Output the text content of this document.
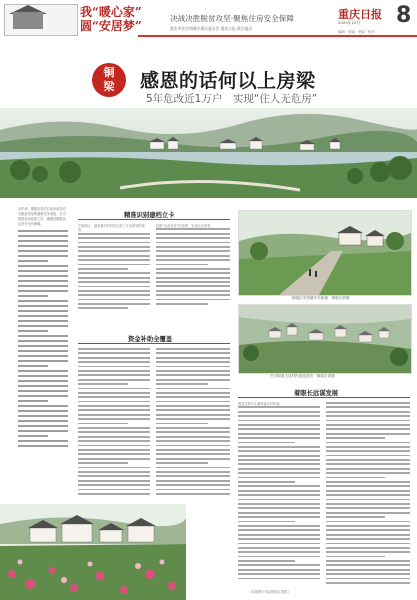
我“暖心家”
圆“安居梦”
决战决胜脱贫攻坚·聚焦住房安全保障
重庆市住房和城乡建设委员会 重庆日报 联合推出
重庆日报
2020年10月 8
编辑 · 责编 · 美编 · 校对
铜
梁	感恩的话何以上房梁
5年危改近1万户　实现“住人无危房”

近年来，铜梁区将农村危房改造作为脱贫攻坚的重要任务来抓，全力推进危房改造工作，确保贫困群众住房安全有保障。

精准识别建档立卡

在铜梁区，越来越多的村民住进了安全舒适的新房。

按照“应改尽改”的原则，实现动态清零。

铜梁区安居镇乡村新貌　铜梁区供图
巴川街道玉皇村民居改造后　铜梁区供图
资金补助全覆盖
着眼长远谋发展

改造过程中注重保留乡村风貌。

（本版图片均由铜梁区提供）
